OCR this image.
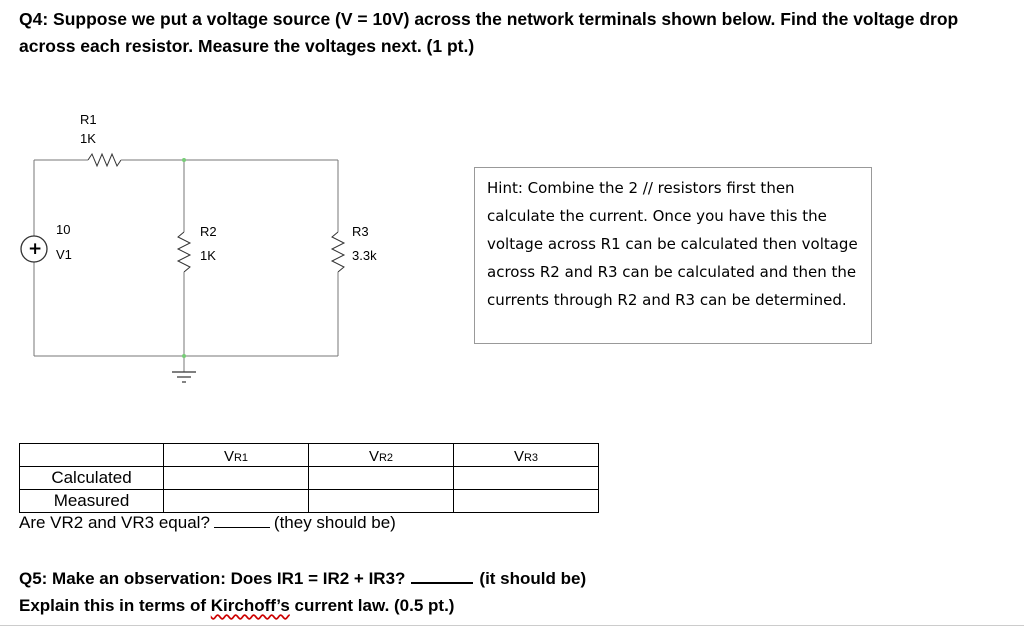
Q4: Suppose we put a voltage source (V = 10V) across the network terminals shown below. Find the voltage drop across each resistor. Measure the voltages next. (1 pt.)
+
R1
1K
10
V1
R2
1K
R3
3.3k
Hint: Combine the 2 // resistors first then calculate the current. Once you have this the voltage across R1 can be calculated then voltage across R2 and R3 can be calculated and then the currents through R2 and R3 can be determined.
	VR1	VR2	VR3
Calculated			
Measured			
Are VR2 and VR3 equal?	(they should be)
Q5: Make an observation: Does IR1 = IR2 + IR3?	(it should be)
Explain this in terms of Kirchoff’s current law. (0.5 pt.)
